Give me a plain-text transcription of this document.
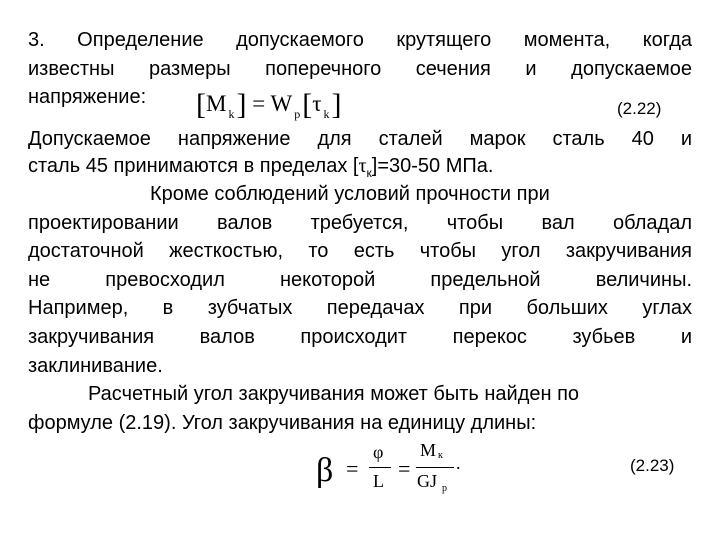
3. Определение допускаемого крутящего момента, когда
известны размеры поперечного сечения и допускаемое
напряжение:	[M $_k$] = W $_p$[τ $_k$]	(2.22)
Допускаемое напряжение для сталей марок сталь 40 и
сталь 45 принимаются в пределах $[\tau_к]=30-50$ МПа.
Кроме соблюдений условий прочности при
проектировании валов требуется, чтобы вал обладал
достаточной жесткостью, то есть чтобы угол закручивания
не превосходил некоторой предельной величины.
Например, в зубчатых передачах при больших углах
закручивания валов происходит перекос зубьев и
заклинивание.
Расчетный угол закручивания может быть найден по
формуле (2.19). Угол закручивания на единицу длины:
β =
φ
L =
M к
GJ p
.	(2.23)
